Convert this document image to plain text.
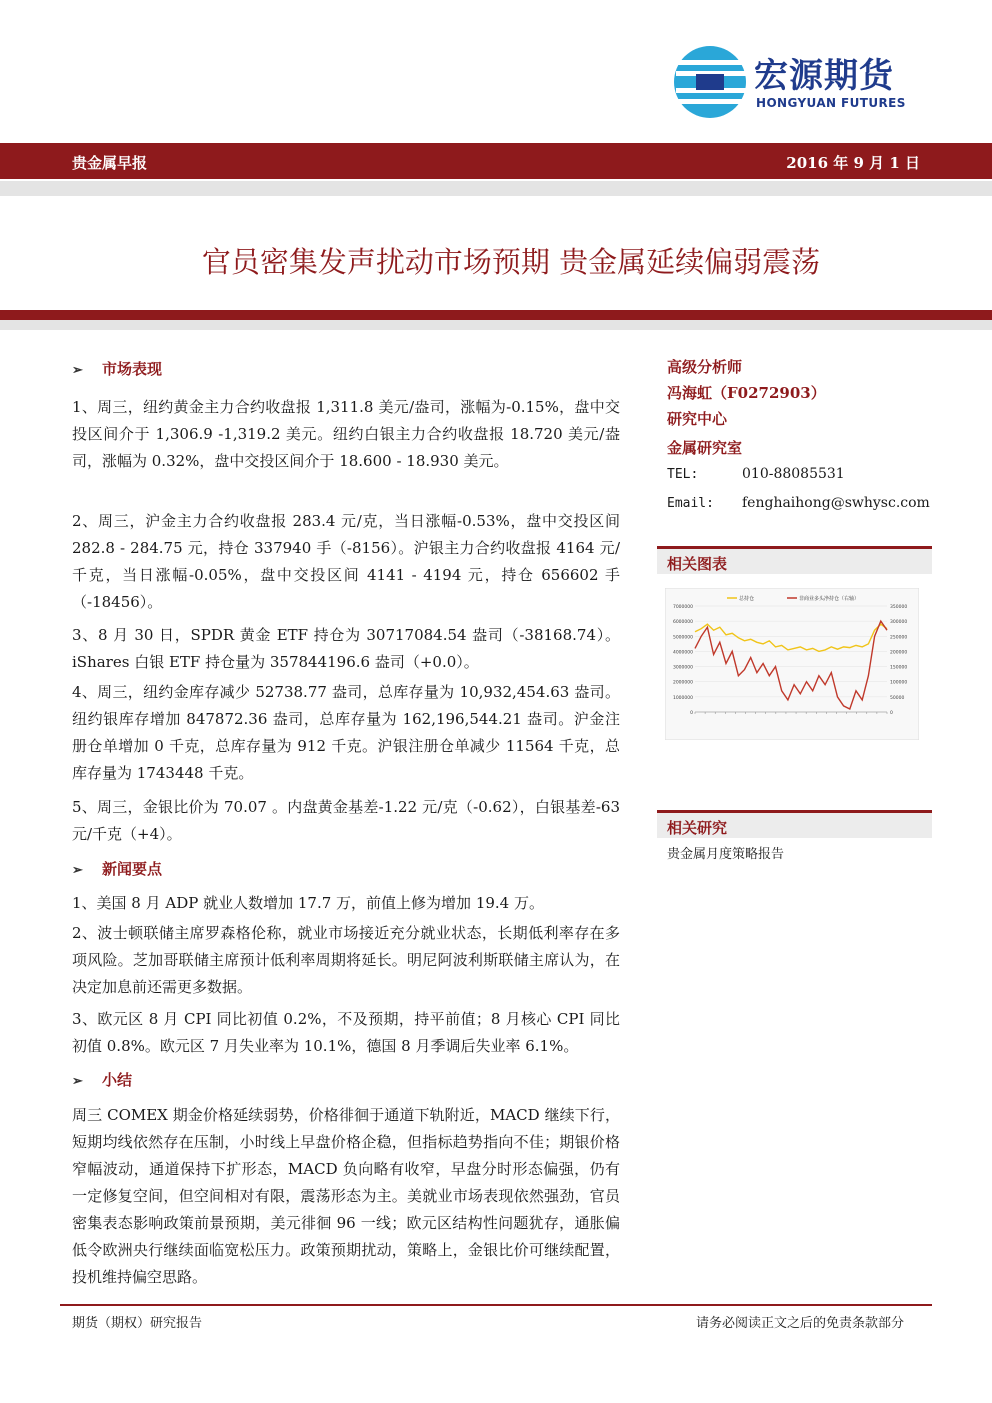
宏源期货
HONGYUAN FUTURES
贵金属早报	2016 年 9 月 1 日
官员密集发声扰动市场预期 贵金属延续偏弱震荡
➢ 市场表现
1、周三，纽约黄金主力合约收盘报 1,311.8 美元/盎司，涨幅为-0.15%，盘中交投区间介于 1,306.9 -1,319.2 美元。纽约白银主力合约收盘报 18.720 美元/盎司，涨幅为 0.32%，盘中交投区间介于 18.600 - 18.930 美元。
2、周三，沪金主力合约收盘报 283.4 元/克，当日涨幅-0.53%，盘中交投区间 282.8 - 284.75 元，持仓 337940 手（-8156）。沪银主力合约收盘报 4164 元/千克，当日涨幅-0.05%，盘中交投区间 4141 - 4194 元，持仓 656602 手（-18456）。
3、8 月 30 日，SPDR 黄金 ETF 持仓为 30717084.54 盎司（-38168.74）。iShares 白银 ETF 持仓量为 357844196.6 盎司（+0.0）。
4、周三，纽约金库存减少 52738.77 盎司，总库存量为 10,932,454.63 盎司。纽约银库存增加 847872.36 盎司，总库存量为 162,196,544.21 盎司。沪金注册仓单增加 0 千克，总库存量为 912 千克。沪银注册仓单减少 11564 千克，总库存量为 1743448 千克。
5、周三，金银比价为 70.07 。内盘黄金基差-1.22 元/克（-0.62），白银基差-63 元/千克（+4）。
➢ 新闻要点
1、美国 8 月 ADP 就业人数增加 17.7 万，前值上修为增加 19.4 万。
2、波士顿联储主席罗森格伦称，就业市场接近充分就业状态，长期低利率存在多项风险。芝加哥联储主席预计低利率周期将延长。明尼阿波利斯联储主席认为，在决定加息前还需更多数据。
3、欧元区 8 月 CPI 同比初值 0.2%，不及预期，持平前值；8 月核心 CPI 同比初值 0.8%。欧元区 7 月失业率为 10.1%，德国 8 月季调后失业率 6.1%。
➢ 小结
周三 COMEX 期金价格延续弱势，价格徘徊于通道下轨附近，MACD 继续下行，短期均线依然存在压制，小时线上早盘价格企稳，但指标趋势指向不佳；期银价格窄幅波动，通道保持下扩形态，MACD 负向略有收窄，早盘分时形态偏强，仍有一定修复空间，但空间相对有限，震荡形态为主。美就业市场表现依然强劲，官员密集表态影响政策前景预期，美元徘徊 96 一线；欧元区结构性问题犹存，通胀偏低令欧洲央行继续面临宽松压力。政策预期扰动，策略上，金银比价可继续配置，投机维持偏空思路。
高级分析师
冯海虹（F0272903）
研究中心
金属研究室
TEL:	010-88085531
Email: fenghaihong@swhysc.com
相关图表
0
1000000
2000000
3000000
4000000
5000000
6000000
7000000
0
50000
100000
150000
200000
250000
300000
350000
总持仓	非商业多头净持仓（右轴）
相关研究
贵金属月度策略报告
期货（期权）研究报告	请务必阅读正文之后的免责条款部分
